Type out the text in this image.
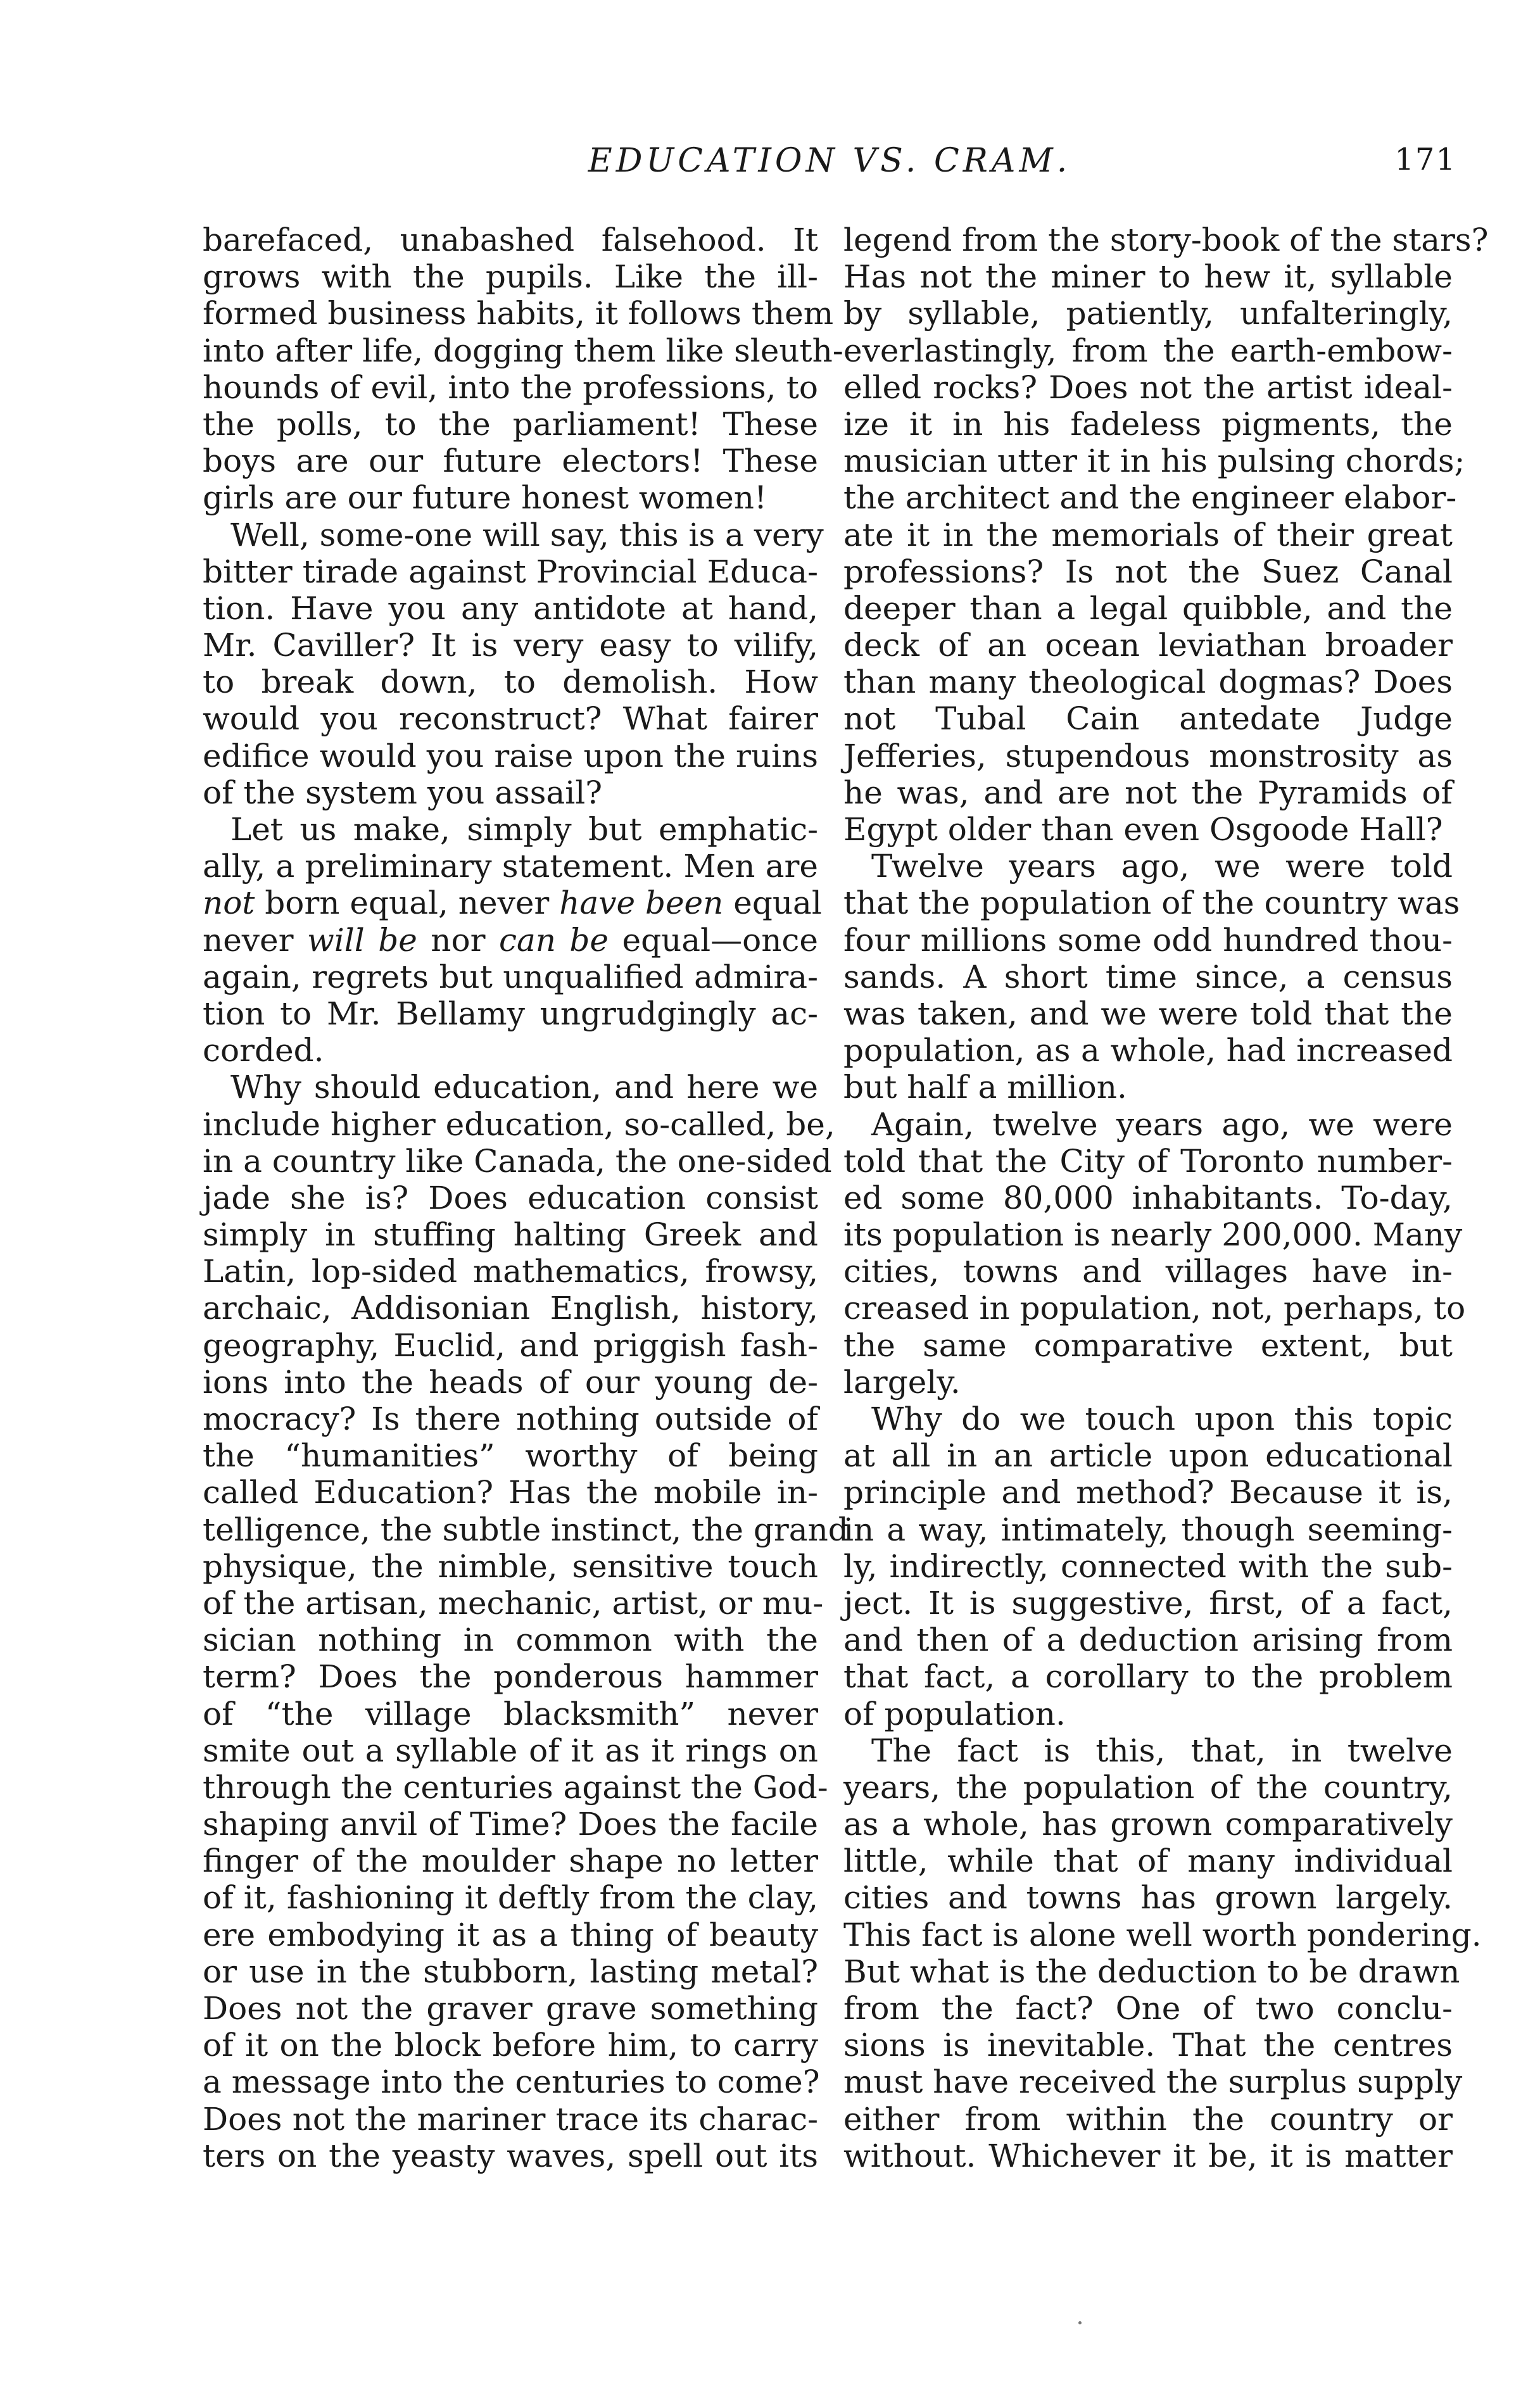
EDUCATION VS. CRAM.	171
barefaced, unabashed falsehood. It
grows with the pupils. Like the ill-
formed business habits, it follows them
into after life, dogging them like sleuth-
hounds of evil, into the professions, to
the polls, to the parliament! These
boys are our future electors! These
girls are our future honest women!
Well, some-one will say, this is a very
bitter tirade against Provincial Educa-
tion. Have you any antidote at hand,
Mr. Caviller? It is very easy to vilify,
to break down, to demolish. How
would you reconstruct? What fairer
edifice would you raise upon the ruins
of the system you assail?
Let us make, simply but emphatic-
ally, a preliminary statement. Men are
not born equal, never have been equal
never will be nor can be equal—once
again, regrets but unqualified admira-
tion to Mr. Bellamy ungrudgingly ac-
corded.
Why should education, and here we
include higher education, so-called, be,
in a country like Canada, the one-sided
jade she is? Does education consist
simply in stuffing halting Greek and
Latin, lop-sided mathematics, frowsy,
archaic, Addisonian English, history,
geography, Euclid, and priggish fash-
ions into the heads of our young de-
mocracy? Is there nothing outside of
the “humanities” worthy of being
called Education? Has the mobile in-
telligence, the subtle instinct, the grand
physique, the nimble, sensitive touch
of the artisan, mechanic, artist, or mu-
sician nothing in common with the
term? Does the ponderous hammer
of “the village blacksmith” never
smite out a syllable of it as it rings on
through the centuries against the God-
shaping anvil of Time? Does the facile
finger of the moulder shape no letter
of it, fashioning it deftly from the clay,
ere embodying it as a thing of beauty
or use in the stubborn, lasting metal?
Does not the graver grave something
of it on the block before him, to carry
a message into the centuries to come?
Does not the mariner trace its charac-
ters on the yeasty waves, spell out its
legend from the story-book of the stars?
Has not the miner to hew it, syllable
by syllable, patiently, unfalteringly,
everlastingly, from the earth-embow-
elled rocks? Does not the artist ideal-
ize it in his fadeless pigments, the
musician utter it in his pulsing chords;
the architect and the engineer elabor-
ate it in the memorials of their great
professions? Is not the Suez Canal
deeper than a legal quibble, and the
deck of an ocean leviathan broader
than many theological dogmas? Does
not Tubal Cain antedate Judge
Jefferies, stupendous monstrosity as
he was, and are not the Pyramids of
Egypt older than even Osgoode Hall?
Twelve years ago, we were told
that the population of the country was
four millions some odd hundred thou-
sands. A short time since, a census
was taken, and we were told that the
population, as a whole, had increased
but half a million.
Again, twelve years ago, we were
told that the City of Toronto number-
ed some 80,000 inhabitants. To-day,
its population is nearly 200,000. Many
cities, towns and villages have in-
creased in population, not, perhaps, to
the same comparative extent, but
largely.
Why do we touch upon this topic
at all in an article upon educational
principle and method? Because it is,
in a way, intimately, though seeming-
ly, indirectly, connected with the sub-
ject. It is suggestive, first, of a fact,
and then of a deduction arising from
that fact, a corollary to the problem
of population.
The fact is this, that, in twelve
years, the population of the country,
as a whole, has grown comparatively
little, while that of many individual
cities and towns has grown largely.
This fact is alone well worth pondering.
But what is the deduction to be drawn
from the fact? One of two conclu-
sions is inevitable. That the centres
must have received the surplus supply
either from within the country or
without. Whichever it be, it is matter
